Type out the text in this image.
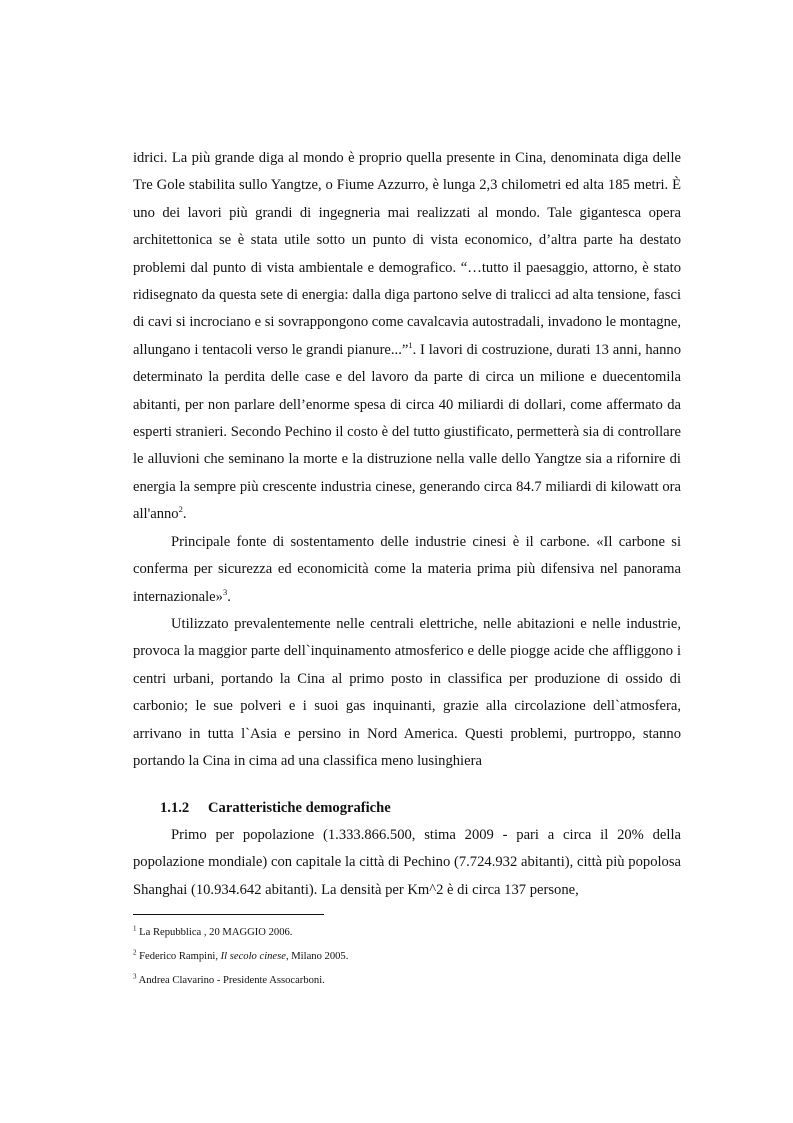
idrici. La più grande diga al mondo è proprio quella presente in Cina, denominata diga delle Tre Gole stabilita sullo Yangtze, o Fiume Azzurro, è lunga 2,3 chilometri ed alta 185 metri. È uno dei lavori più grandi di ingegneria mai realizzati al mondo. Tale gigantesca opera architettonica se è stata utile sotto un punto di vista economico, d’altra parte ha destato problemi dal punto di vista ambientale e demografico. “…tutto il paesaggio, attorno, è stato ridisegnato da questa sete di energia: dalla diga partono selve di tralicci ad alta tensione, fasci di cavi si incrociano e si sovrappongono come cavalcavia autostradali, invadono le montagne, allungano i tentacoli verso le grandi pianure...”$^1$. I lavori di costruzione, durati 13 anni, hanno determinato la perdita delle case e del lavoro da parte di circa un milione e duecentomila abitanti, per non parlare dell’enorme spesa di circa 40 miliardi di dollari, come affermato da esperti stranieri. Secondo Pechino il costo è del tutto giustificato, permetterà sia di controllare le alluvioni che seminano la morte e la distruzione nella valle dello Yangtze sia a rifornire di energia la sempre più crescente industria cinese, generando circa 84.7 miliardi di kilowatt ora all'anno$^2$.

Principale fonte di sostentamento delle industrie cinesi è il carbone. «Il carbone si conferma per sicurezza ed economicità come la materia prima più difensiva nel panorama internazionale»$^3$.

Utilizzato prevalentemente nelle centrali elettriche, nelle abitazioni e nelle industrie, provoca la maggior parte dell`inquinamento atmosferico e delle piogge acide che affliggono i centri urbani, portando la Cina al primo posto in classifica per produzione di ossido di carbonio; le sue polveri e i suoi gas inquinanti, grazie alla circolazione dell`atmosfera, arrivano in tutta l`Asia e persino in Nord America. Questi problemi, purtroppo, stanno portando la Cina in cima ad una classifica meno lusinghiera

1.1.2 Caratteristiche demografiche

Primo per popolazione (1.333.866.500, stima 2009 - pari a circa il 20% della popolazione mondiale) con capitale la città di Pechino (7.724.932 abitanti), città più popolosa Shanghai (10.934.642 abitanti). La densità per Km^2 è di circa 137 persone,

$^1$ La Repubblica , 20 MAGGIO 2006.
$^2$ Federico Rampini, Il secolo cinese, Milano 2005.
$^3$ Andrea Clavarino - Presidente Assocarboni.
